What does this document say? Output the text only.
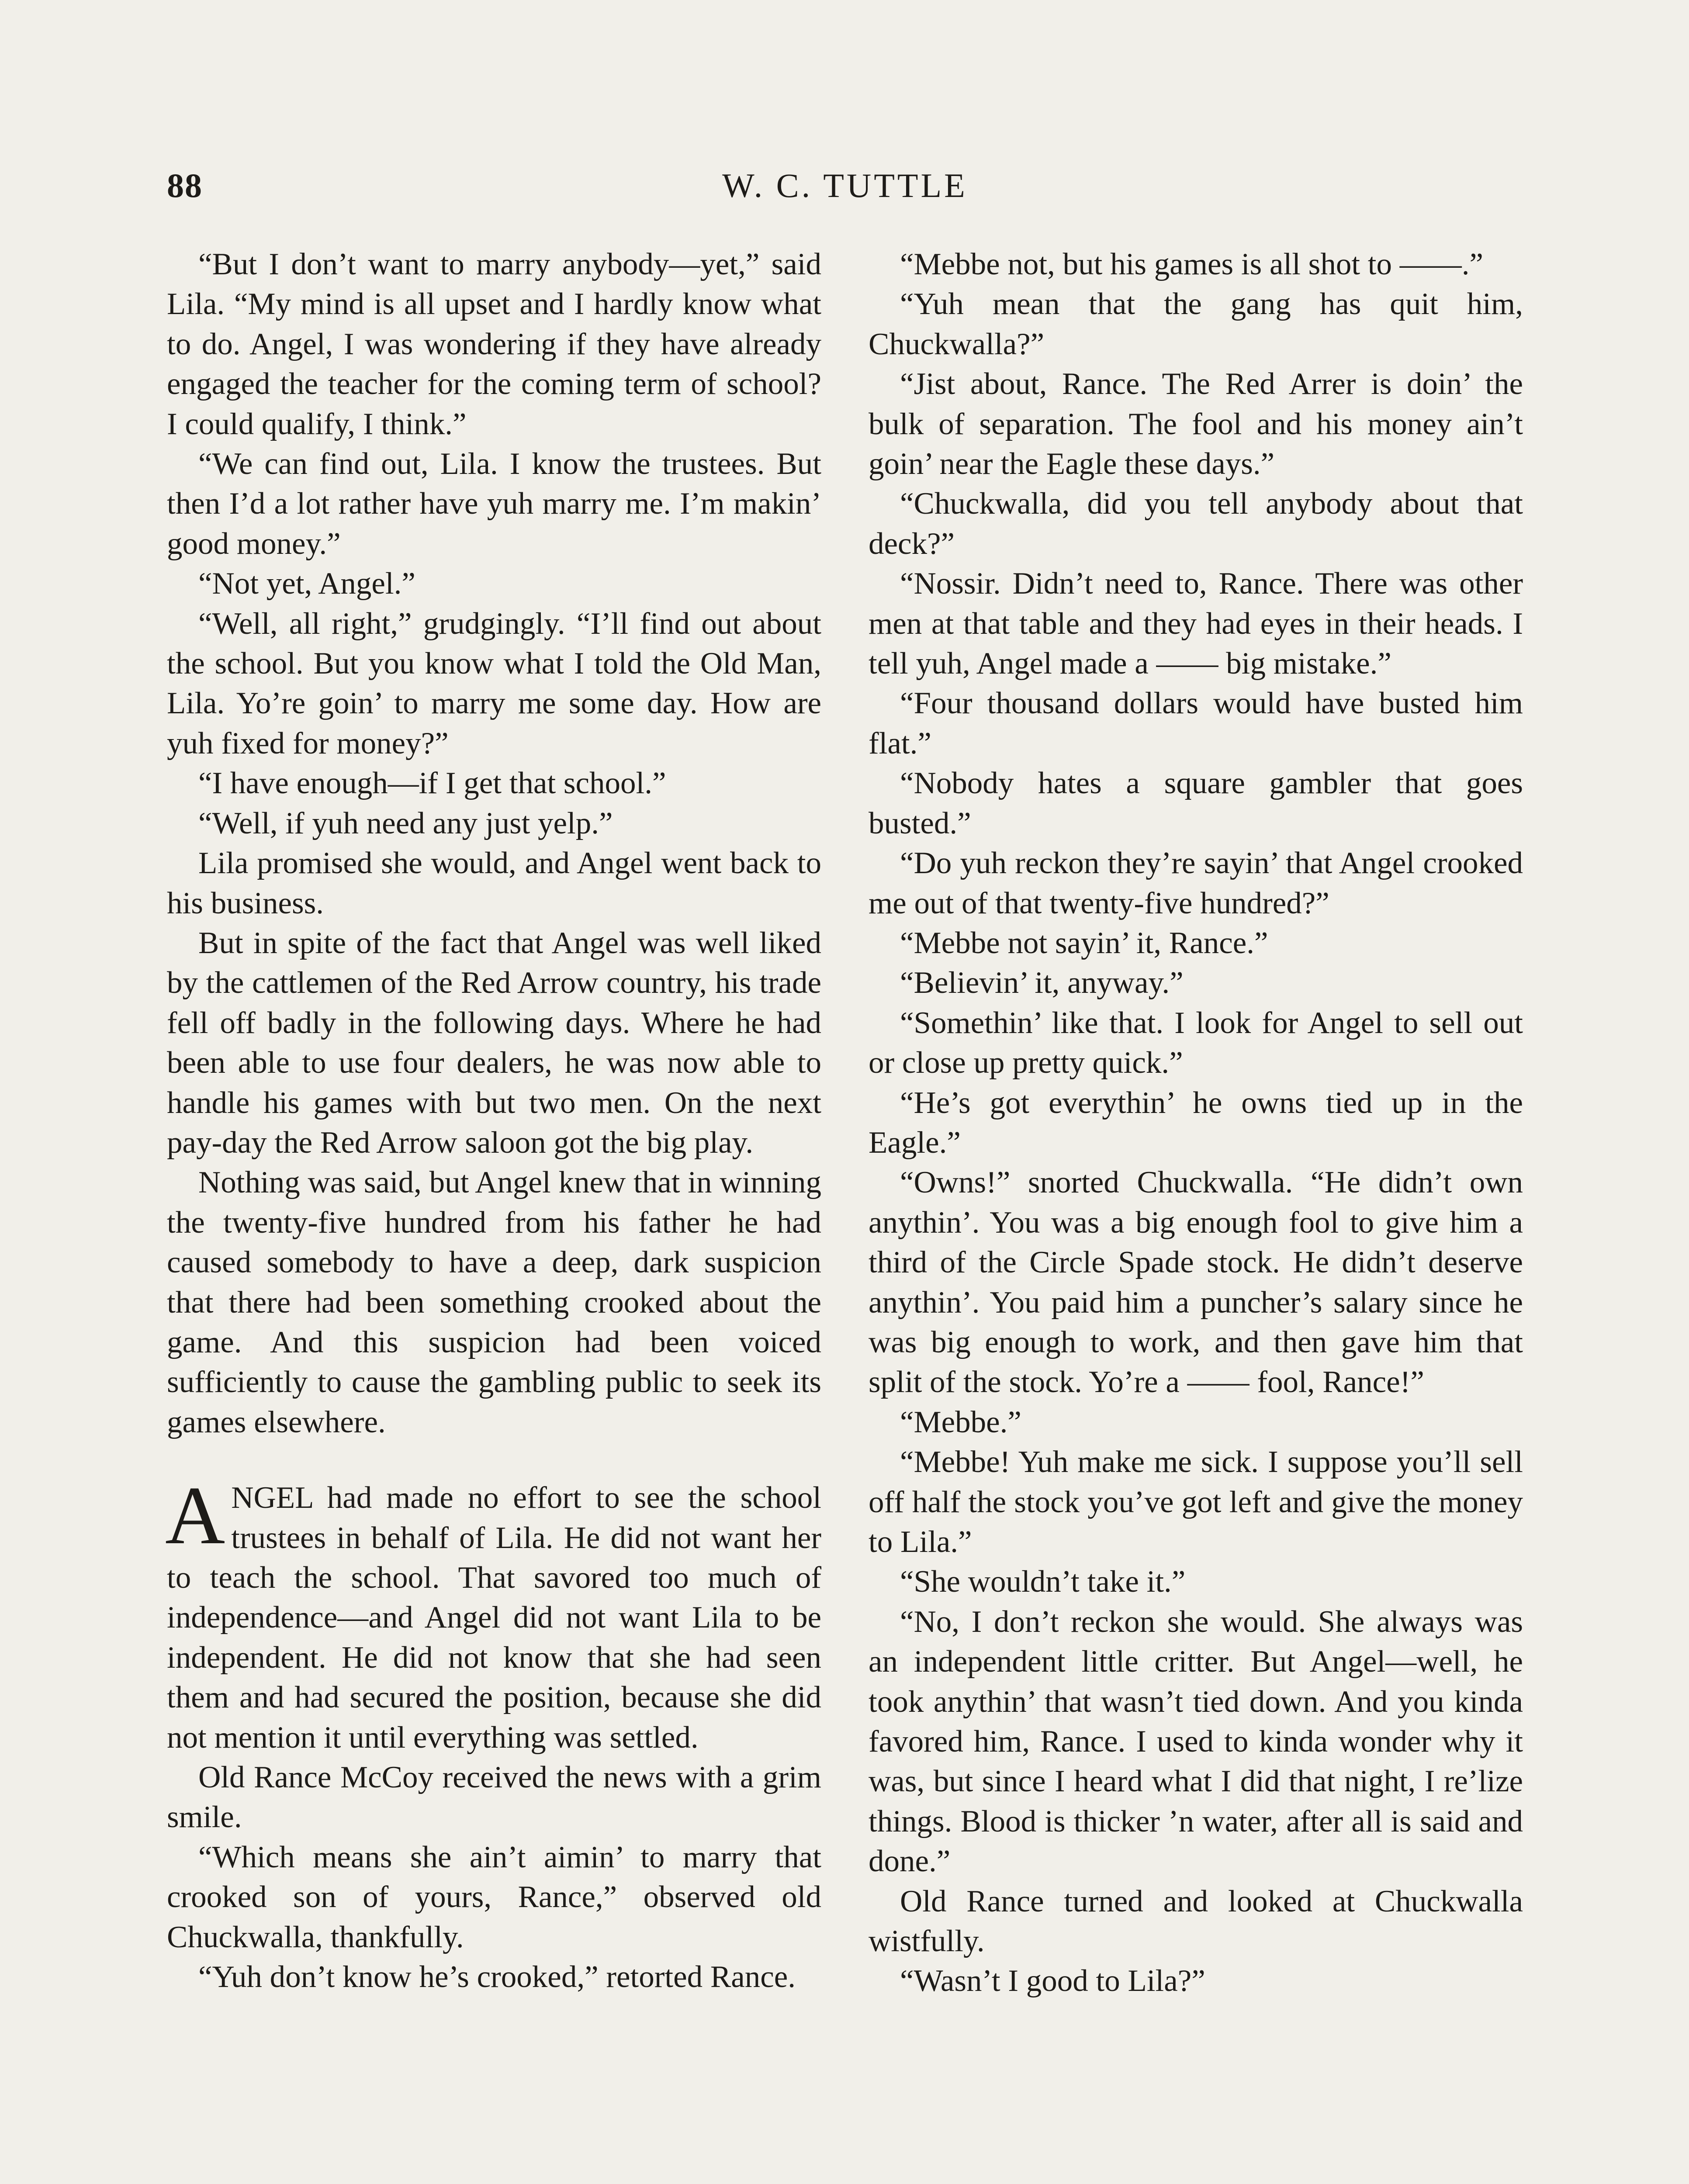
88	W. C. TUTTLE

“But I don’t want to marry anybody—yet,” said Lila. “My mind is all upset and I hardly know what to do. Angel, I was wondering if they have already engaged the teacher for the coming term of school? I could qualify, I think.”

“We can find out, Lila. I know the trustees. But then I’d a lot rather have yuh marry me. I’m makin’ good money.”

“Not yet, Angel.”

“Well, all right,” grudgingly. “I’ll find out about the school. But you know what I told the Old Man, Lila. Yo’re goin’ to marry me some day. How are yuh fixed for money?”

“I have enough—if I get that school.”

“Well, if yuh need any just yelp.”

Lila promised she would, and Angel went back to his business.

But in spite of the fact that Angel was well liked by the cattlemen of the Red Arrow country, his trade fell off badly in the following days. Where he had been able to use four dealers, he was now able to handle his games with but two men. On the next pay-day the Red Arrow saloon got the big play.

Nothing was said, but Angel knew that in winning the twenty-five hundred from his father he had caused somebody to have a deep, dark suspicion that there had been something crooked about the game. And this suspicion had been voiced sufficiently to cause the gambling public to seek its games elsewhere.

ANGEL had made no effort to see the school trustees in behalf of Lila. He did not want her to teach the school. That savored too much of independence—and Angel did not want Lila to be independent. He did not know that she had seen them and had secured the position, because she did not mention it until everything was settled.

Old Rance McCoy received the news with a grim smile.

“Which means she ain’t aimin’ to marry that crooked son of yours, Rance,” observed old Chuckwalla, thankfully.

“Yuh don’t know he’s crooked,” retorted Rance.

“Mebbe not, but his games is all shot to ——.”

“Yuh mean that the gang has quit him, Chuckwalla?”

“Jist about, Rance. The Red Arrer is doin’ the bulk of separation. The fool and his money ain’t goin’ near the Eagle these days.”

“Chuckwalla, did you tell anybody about that deck?”

“Nossir. Didn’t need to, Rance. There was other men at that table and they had eyes in their heads. I tell yuh, Angel made a —— big mistake.”

“Four thousand dollars would have busted him flat.”

“Nobody hates a square gambler that goes busted.”

“Do yuh reckon they’re sayin’ that Angel crooked me out of that twenty-five hundred?”

“Mebbe not sayin’ it, Rance.”

“Believin’ it, anyway.”

“Somethin’ like that. I look for Angel to sell out or close up pretty quick.”

“He’s got everythin’ he owns tied up in the Eagle.”

“Owns!” snorted Chuckwalla. “He didn’t own anythin’. You was a big enough fool to give him a third of the Circle Spade stock. He didn’t deserve anythin’. You paid him a puncher’s salary since he was big enough to work, and then gave him that split of the stock. Yo’re a —— fool, Rance!”

“Mebbe.”

“Mebbe! Yuh make me sick. I suppose you’ll sell off half the stock you’ve got left and give the money to Lila.”

“She wouldn’t take it.”

“No, I don’t reckon she would. She always was an independent little critter. But Angel—well, he took anythin’ that wasn’t tied down. And you kinda favored him, Rance. I used to kinda wonder why it was, but since I heard what I did that night, I re’lize things. Blood is thicker ’n water, after all is said and done.”

Old Rance turned and looked at Chuckwalla wistfully.

“Wasn’t I good to Lila?”
